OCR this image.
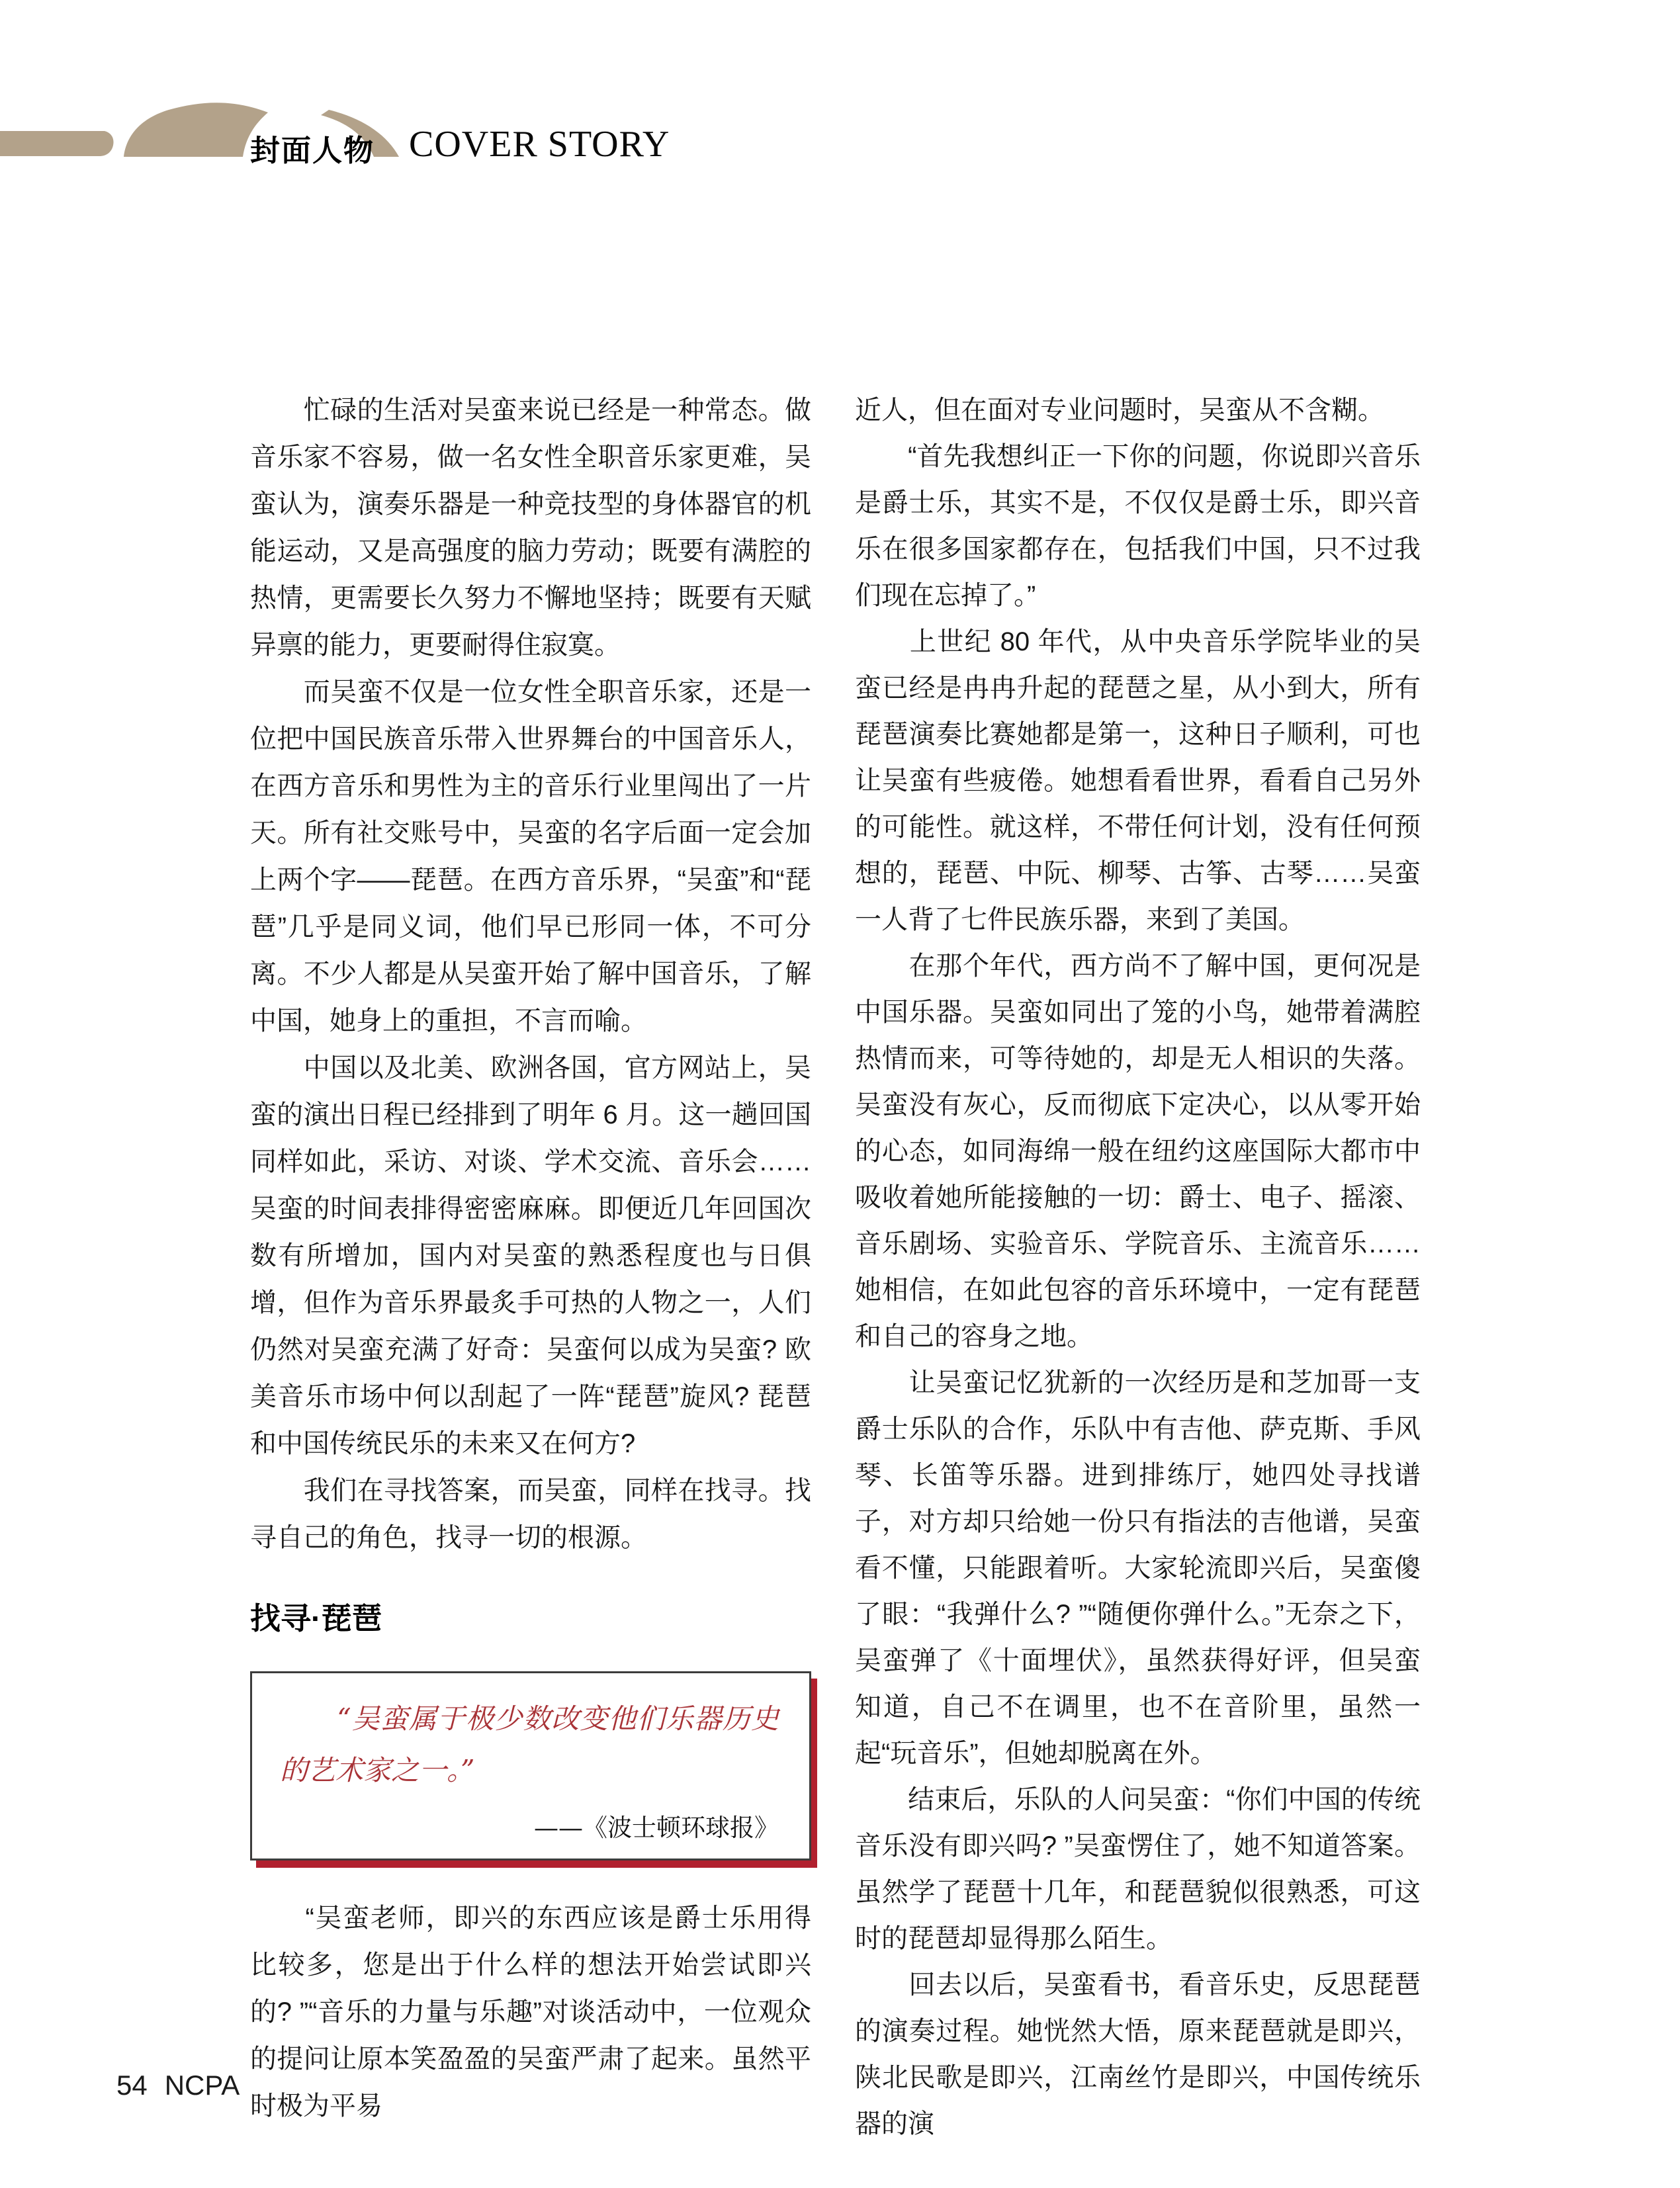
封面人物 COVER STORY

　　忙碌的生活对吴蛮来说已经是一种常态。做音乐家不容易，做一名女性全职音乐家更难，吴蛮认为，演奏乐器是一种竞技型的身体器官的机能运动，又是高强度的脑力劳动；既要有满腔的热情，更需要长久努力不懈地坚持；既要有天赋异禀的能力，更要耐得住寂寞。

　　而吴蛮不仅是一位女性全职音乐家，还是一位把中国民族音乐带入世界舞台的中国音乐人，在西方音乐和男性为主的音乐行业里闯出了一片天。所有社交账号中，吴蛮的名字后面一定会加上两个字——琵琶。在西方音乐界，“吴蛮”和“琵琶”几乎是同义词，他们早已形同一体，不可分离。不少人都是从吴蛮开始了解中国音乐，了解中国，她身上的重担，不言而喻。

　　中国以及北美、欧洲各国，官方网站上，吴蛮的演出日程已经排到了明年 6 月。这一趟回国同样如此，采访、对谈、学术交流、音乐会……吴蛮的时间表排得密密麻麻。即便近几年回国次数有所增加，国内对吴蛮的熟悉程度也与日俱增，但作为音乐界最炙手可热的人物之一，人们仍然对吴蛮充满了好奇：吴蛮何以成为吴蛮? 欧美音乐市场中何以刮起了一阵“琵琶”旋风? 琵琶和中国传统民乐的未来又在何方?

　　我们在寻找答案，而吴蛮，同样在找寻。找寻自己的角色，找寻一切的根源。

找寻·琵琶

　　“吴蛮属于极少数改变他们乐器历史的艺术家之一。”

——《波士顿环球报》

　　“吴蛮老师，即兴的东西应该是爵士乐用得比较多，您是出于什么样的想法开始尝试即兴的? ”“音乐的力量与乐趣”对谈活动中，一位观众的提问让原本笑盈盈的吴蛮严肃了起来。虽然平时极为平易

近人，但在面对专业问题时，吴蛮从不含糊。

　　“首先我想纠正一下你的问题，你说即兴音乐是爵士乐，其实不是，不仅仅是爵士乐，即兴音乐在很多国家都存在，包括我们中国，只不过我们现在忘掉了。”

　　上世纪 80 年代，从中央音乐学院毕业的吴蛮已经是冉冉升起的琵琶之星，从小到大，所有琵琶演奏比赛她都是第一，这种日子顺利，可也让吴蛮有些疲倦。她想看看世界，看看自己另外的可能性。就这样，不带任何计划，没有任何预想的，琵琶、中阮、柳琴、古筝、古琴……吴蛮一人背了七件民族乐器，来到了美国。

　　在那个年代，西方尚不了解中国，更何况是中国乐器。吴蛮如同出了笼的小鸟，她带着满腔热情而来，可等待她的，却是无人相识的失落。吴蛮没有灰心，反而彻底下定决心，以从零开始的心态，如同海绵一般在纽约这座国际大都市中吸收着她所能接触的一切：爵士、电子、摇滚、音乐剧场、实验音乐、学院音乐、主流音乐……她相信，在如此包容的音乐环境中，一定有琵琶和自己的容身之地。

　　让吴蛮记忆犹新的一次经历是和芝加哥一支爵士乐队的合作，乐队中有吉他、萨克斯、手风琴、长笛等乐器。进到排练厅，她四处寻找谱子，对方却只给她一份只有指法的吉他谱，吴蛮看不懂，只能跟着听。大家轮流即兴后，吴蛮傻了眼：“我弹什么? ”“随便你弹什么。”无奈之下，吴蛮弹了《十面埋伏》，虽然获得好评，但吴蛮知道，自己不在调里，也不在音阶里，虽然一起“玩音乐”，但她却脱离在外。

　　结束后，乐队的人问吴蛮：“你们中国的传统音乐没有即兴吗? ”吴蛮愣住了，她不知道答案。虽然学了琵琶十几年，和琵琶貌似很熟悉，可这时的琵琶却显得那么陌生。

　　回去以后，吴蛮看书，看音乐史，反思琵琶的演奏过程。她恍然大悟，原来琵琶就是即兴，陕北民歌是即兴，江南丝竹是即兴，中国传统乐器的演

54 NCPA
